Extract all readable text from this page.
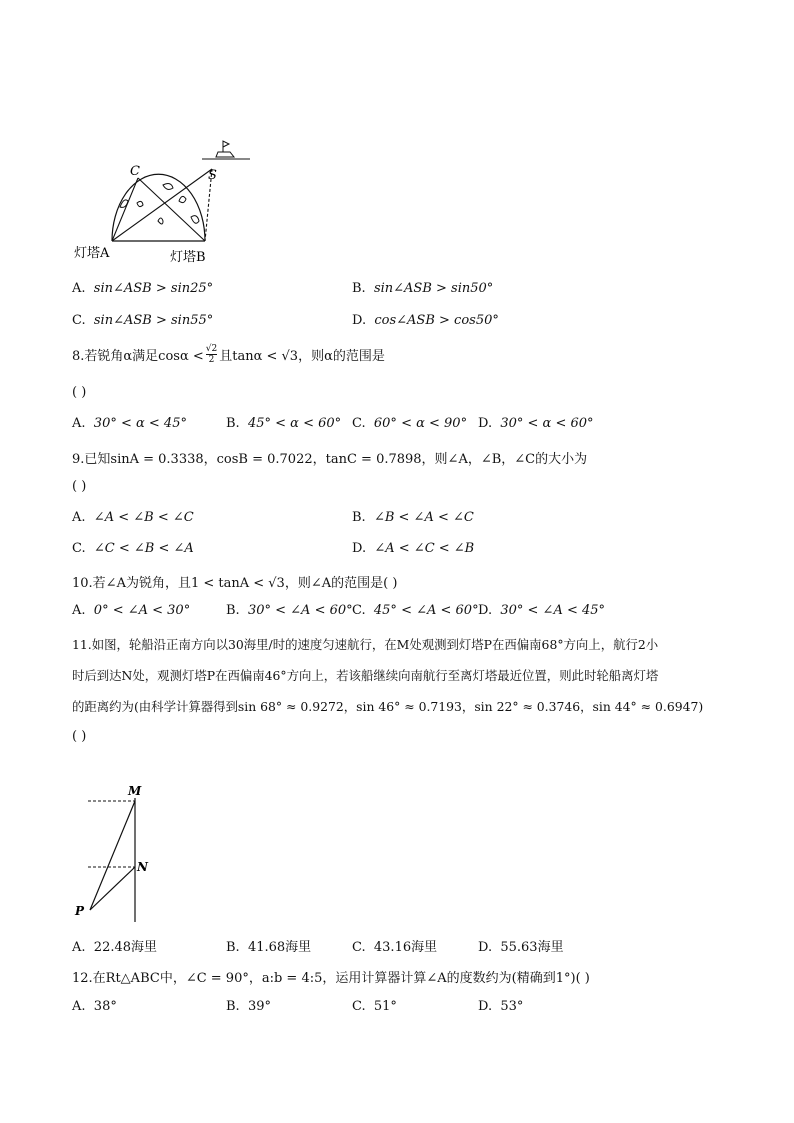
C	S
灯塔A	灯塔B
A. sin∠ASB > sin25°	B. sin∠ASB > sin50°
C. sin∠ASB > sin55°	D. cos∠ASB > cos50°
8.若锐角α满足$\cos\alpha < \frac{√2}{2}$ 且tanα < √3，则α的范围是
( )
A. 30° < α < 45°	B. 45° < α < 60° C. 60° < α < 90° D. 30° < α < 60°
9.已知sinA = 0.3338，cosB = 0.7022，tanC = 0.7898，则∠A，∠B，∠C的大小为
( )
A. ∠A < ∠B < ∠C	B. ∠B < ∠A < ∠C
C. ∠C < ∠B < ∠A	D. ∠A < ∠C < ∠B
10.若∠A为锐角，且1 < tanA < √3，则∠A的范围是( )
A. 0° < ∠A < 30°	B. 30° < ∠A < 60° C. 45° < ∠A < 60° D. 30° < ∠A < 45°
11.如图，轮船沿正南方向以30海里/时的速度匀速航行，在M处观测到灯塔P在西偏南68°方向上，航行2小
时后到达N处，观测灯塔P在西偏南46°方向上，若该船继续向南航行至离灯塔最近位置，则此时轮船离灯塔
的距离约为(由科学计算器得到sin 68° ≈ 0.9272，sin 46° ≈ 0.7193，sin 22° ≈ 0.3746，sin 44° ≈ 0.6947)
( )
M
N
P
A. 22.48海里	B. 41.68海里	C. 43.16海里	D. 55.63海里
12.在Rt△ABC中，∠C = 90°，a:b = 4:5，运用计算器计算∠A的度数约为(精确到1°)( )
A. 38°	B. 39°	C. 51°	D. 53°
